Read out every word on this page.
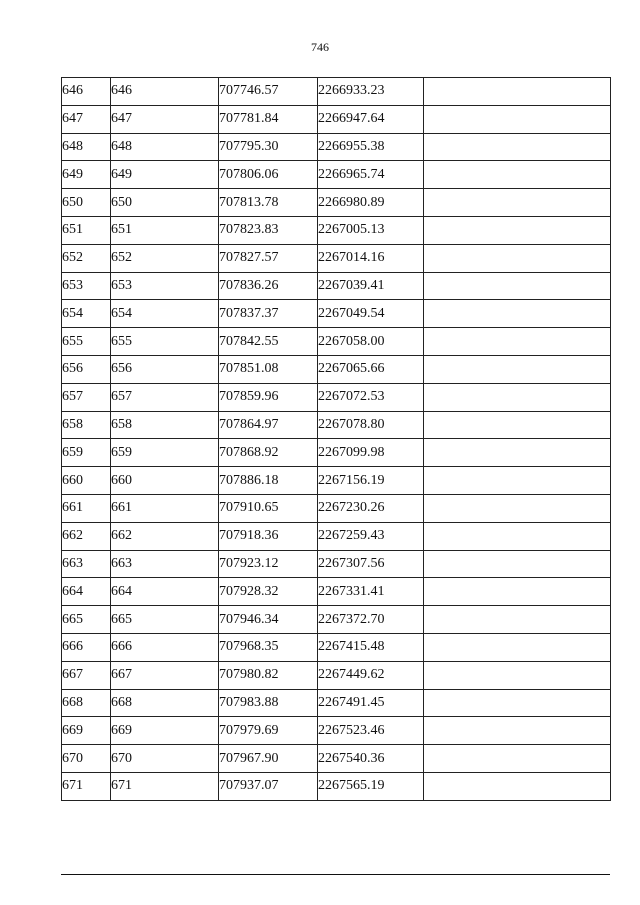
746
646	646	707746.57	2266933.23	
647	647	707781.84	2266947.64	
648	648	707795.30	2266955.38	
649	649	707806.06	2266965.74	
650	650	707813.78	2266980.89	
651	651	707823.83	2267005.13	
652	652	707827.57	2267014.16	
653	653	707836.26	2267039.41	
654	654	707837.37	2267049.54	
655	655	707842.55	2267058.00	
656	656	707851.08	2267065.66	
657	657	707859.96	2267072.53	
658	658	707864.97	2267078.80	
659	659	707868.92	2267099.98	
660	660	707886.18	2267156.19	
661	661	707910.65	2267230.26	
662	662	707918.36	2267259.43	
663	663	707923.12	2267307.56	
664	664	707928.32	2267331.41	
665	665	707946.34	2267372.70	
666	666	707968.35	2267415.48	
667	667	707980.82	2267449.62	
668	668	707983.88	2267491.45	
669	669	707979.69	2267523.46	
670	670	707967.90	2267540.36	
671	671	707937.07	2267565.19	
